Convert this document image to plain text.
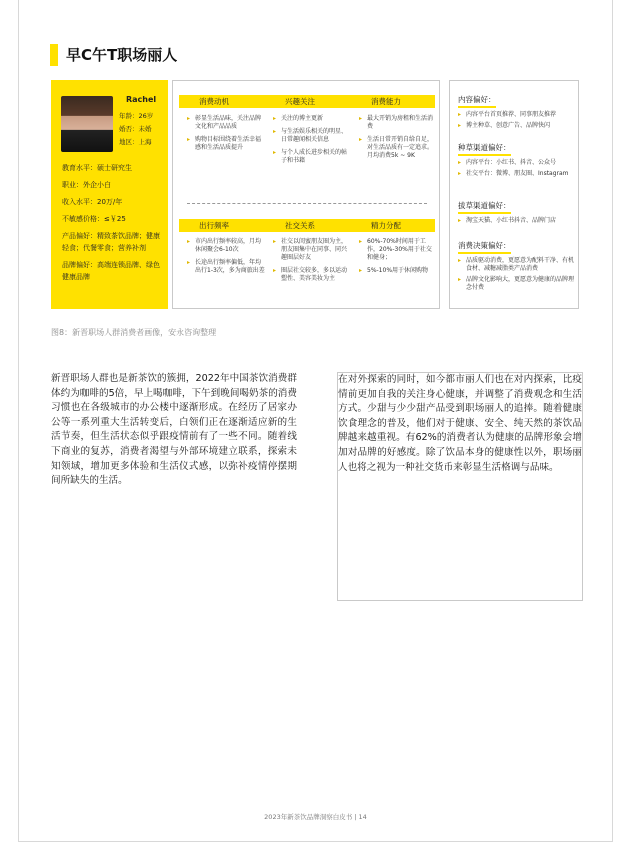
早C午T职场丽人
Rachel
年龄：26岁
婚否：未婚
地区：上海
教育水平：硕士研究生
职业：外企小白
收入水平：20万/年
不敏感价格：≤￥25
产品偏好：精致茶饮品牌；健康轻食；代餐零食；营养补剂
品牌偏好：高端连锁品牌、绿色健康品牌
消费动机	兴趣关注	消费能力
▸ 彰显生活品味，关注品牌文化和产品品质
▸ 购物目标围绕着生活幸福感和生活品质提升
▸ 关注的博主更新
▸ 与生活娱乐相关的明星、日常趣闻相关信息
▸ 与个人成长进步相关的帖子和书籍
▸ 最大开销为房租和生活消费
▸ 生活日常开销自给自足，对生活品质有一定追求。月均消费5k ~ 9K
出行频率	社交关系	精力分配
▸ 市内出行频率较高，月均休闲聚会6-10次
▸ 长途出行频率偏低，年均出行1-3次，多为商旅出差
▸ 社交以闺蜜朋友圈为主，朋友圈集中在同事、同兴趣圈层好友
▸ 圈层社交较多，多以运动塑性、美容美妆为主
▸ 60%-70%时间用于工作，20%-30%用于社交和健身；
▸ 5%-10%用于休闲购物
内容偏好：
▸ 内容平台首页推荐、同事朋友推荐
▸ 博主种草、创意广告、品牌快闪
种草渠道偏好：
▸ 内容平台：小红书、抖音、公众号
▸ 社交平台：微博、朋友圈、Instagram
拔草渠道偏好：
▸ 淘宝天猫、小红书抖音、品牌门店
消费决策偏好：
▸ 品质驱动消费，更愿意为配料干净、有机食材、减糖减脂类产品消费
▸ 品牌文化影响大，更愿意为健康的品牌理念付费
图8：新晋职场人群消费者画像，安永咨询整理
新晋职场人群也是新茶饮的簇拥，2022年中国茶饮消费群体约为咖啡的5倍，早上喝咖啡，下午到晚间喝奶茶的消费习惯也在各级城市的办公楼中逐渐形成。在经历了居家办公等一系列重大生活转变后，白领们正在逐渐适应新的生活节奏，但生活状态似乎跟疫情前有了一些不同。随着线下商业的复苏，消费者渴望与外部环境建立联系，探索未知领域，增加更多体验和生活仪式感，以弥补疫情停摆期间所缺失的生活。
在对外探索的同时，如今都市丽人们也在对内探索，比疫情前更加自我的关注身心健康，并调整了消费观念和生活方式。少甜与少少甜产品受到职场丽人的追捧。随着健康饮食理念的普及，他们对于健康、安全、纯天然的茶饮品牌越来越重视。有62%的消费者认为健康的品牌形象会增加对品牌的好感度。除了饮品本身的健康性以外，职场丽人也将之视为一种社交货币来彰显生活格调与品味。
2023年新茶饮品牌洞察白皮书 | 14
